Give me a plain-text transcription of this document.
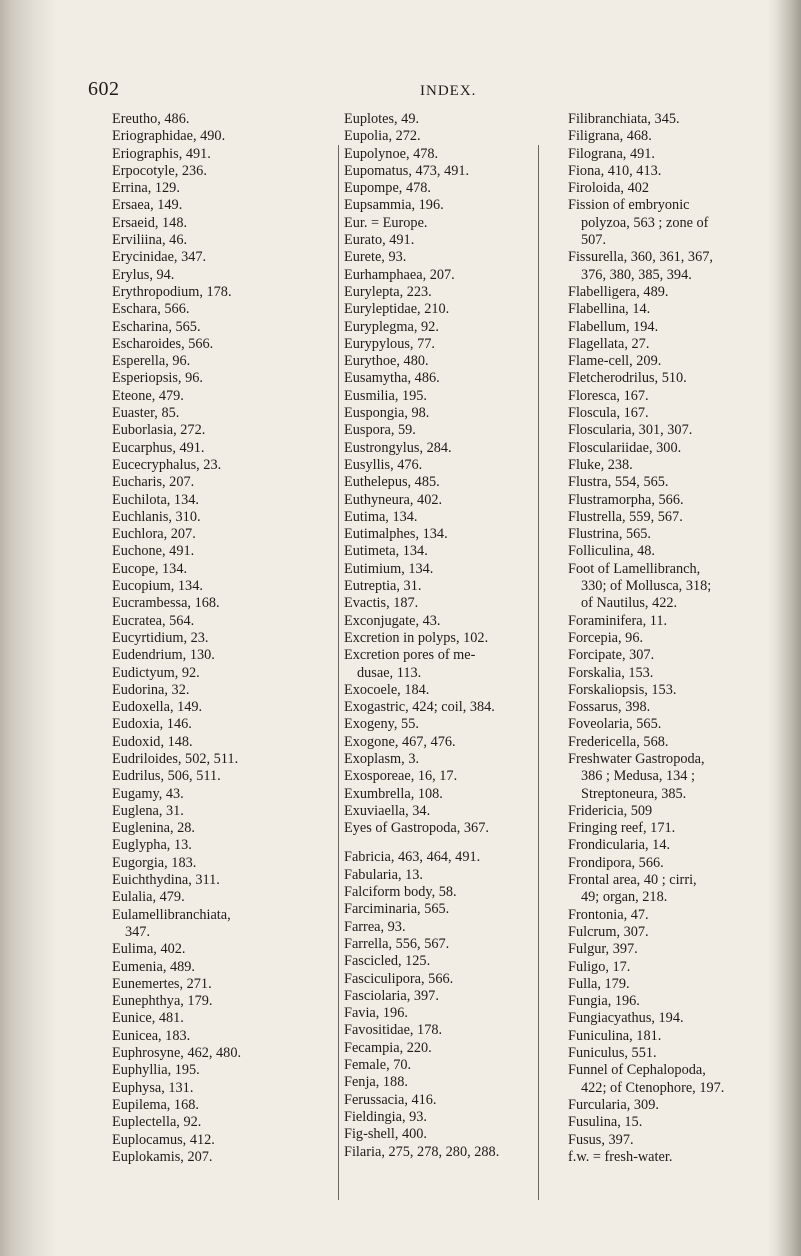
602	INDEX.
Ereutho, 486.
Eriographidae, 490.
Eriographis, 491.
Erpocotyle, 236.
Errina, 129.
Ersaea, 149.
Ersaeid, 148.
Erviliina, 46.
Erycinidae, 347.
Erylus, 94.
Erythropodium, 178.
Eschara, 566.
Escharina, 565.
Escharoides, 566.
Esperella, 96.
Esperiopsis, 96.
Eteone, 479.
Euaster, 85.
Euborlasia, 272.
Eucarphus, 491.
Eucecryphalus, 23.
Eucharis, 207.
Euchilota, 134.
Euchlanis, 310.
Euchlora, 207.
Euchone, 491.
Eucope, 134.
Eucopium, 134.
Eucrambessa, 168.
Eucratea, 564.
Eucyrtidium, 23.
Eudendrium, 130.
Eudictyum, 92.
Eudorina, 32.
Eudoxella, 149.
Eudoxia, 146.
Eudoxid, 148.
Eudriloides, 502, 511.
Eudrilus, 506, 511.
Eugamy, 43.
Euglena, 31.
Euglenina, 28.
Euglypha, 13.
Eugorgia, 183.
Euichthydina, 311.
Eulalia, 479.
Eulamellibranchiata,
347.
Eulima, 402.
Eumenia, 489.
Eunemertes, 271.
Eunephthya, 179.
Eunice, 481.
Eunicea, 183.
Euphrosyne, 462, 480.
Euphyllia, 195.
Euphysa, 131.
Eupilema, 168.
Euplectella, 92.
Euplocamus, 412.
Euplokamis, 207.
Euplotes, 49.
Eupolia, 272.
Eupolynoe, 478.
Eupomatus, 473, 491.
Eupompe, 478.
Eupsammia, 196.
Eur. = Europe.
Eurato, 491.
Eurete, 93.
Eurhamphaea, 207.
Eurylepta, 223.
Euryleptidae, 210.
Euryplegma, 92.
Eurypylous, 77.
Eurythoe, 480.
Eusamytha, 486.
Eusmilia, 195.
Euspongia, 98.
Euspora, 59.
Eustrongylus, 284.
Eusyllis, 476.
Euthelepus, 485.
Euthyneura, 402.
Eutima, 134.
Eutimalphes, 134.
Eutimeta, 134.
Eutimium, 134.
Eutreptia, 31.
Evactis, 187.
Exconjugate, 43.
Excretion in polyps, 102.
Excretion pores of me-
dusae, 113.
Exocoele, 184.
Exogastric, 424; coil, 384.
Exogeny, 55.
Exogone, 467, 476.
Exoplasm, 3.
Exosporeae, 16, 17.
Exumbrella, 108.
Exuviaella, 34.
Eyes of Gastropoda, 367.
Fabricia, 463, 464, 491.
Fabularia, 13.
Falciform body, 58.
Farciminaria, 565.
Farrea, 93.
Farrella, 556, 567.
Fascicled, 125.
Fasciculipora, 566.
Fasciolaria, 397.
Favia, 196.
Favositidae, 178.
Fecampia, 220.
Female, 70.
Fenja, 188.
Ferussacia, 416.
Fieldingia, 93.
Fig-shell, 400.
Filaria, 275, 278, 280, 288.
Filibranchiata, 345.
Filigrana, 468.
Filograna, 491.
Fiona, 410, 413.
Firoloida, 402
Fission of embryonic
polyzoa, 563 ; zone of
507.
Fissurella, 360, 361, 367,
376, 380, 385, 394.
Flabelligera, 489.
Flabellina, 14.
Flabellum, 194.
Flagellata, 27.
Flame-cell, 209.
Fletcherodrilus, 510.
Floresca, 167.
Floscula, 167.
Floscularia, 301, 307.
Flosculariidae, 300.
Fluke, 238.
Flustra, 554, 565.
Flustramorpha, 566.
Flustrella, 559, 567.
Flustrina, 565.
Folliculina, 48.
Foot of Lamellibranch,
330; of Mollusca, 318;
of Nautilus, 422.
Foraminifera, 11.
Forcepia, 96.
Forcipate, 307.
Forskalia, 153.
Forskaliopsis, 153.
Fossarus, 398.
Foveolaria, 565.
Fredericella, 568.
Freshwater Gastropoda,
386 ; Medusa, 134 ;
Streptoneura, 385.
Fridericia, 509
Fringing reef, 171.
Frondicularia, 14.
Frondipora, 566.
Frontal area, 40 ; cirri,
49; organ, 218.
Frontonia, 47.
Fulcrum, 307.
Fulgur, 397.
Fuligo, 17.
Fulla, 179.
Fungia, 196.
Fungiacyathus, 194.
Funiculina, 181.
Funiculus, 551.
Funnel of Cephalopoda,
422; of Ctenophore, 197.
Furcularia, 309.
Fusulina, 15.
Fusus, 397.
f.w. = fresh-water.
